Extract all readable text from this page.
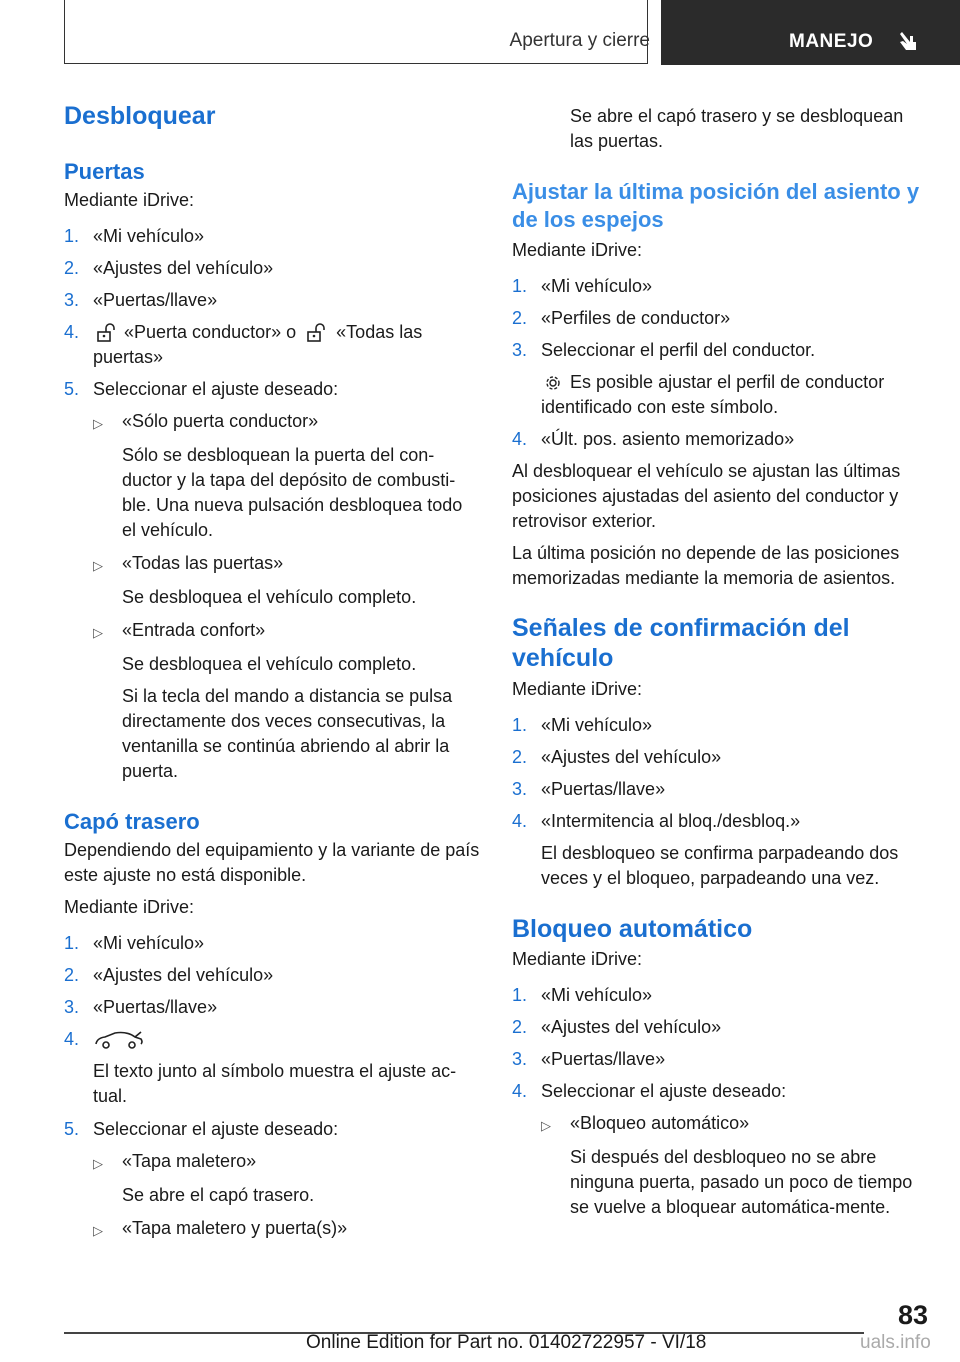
Apertura y cierre	MANEJO
Desbloquear
Puertas

Mediante iDrive:

1. «Mi vehículo»
2. «Ajustes del vehículo»
3. «Puertas/llave»
4.	«Puerta conductor» o «Todas las
puertas»
5. Seleccionar el ajuste deseado:
▷	«Sólo puerta conductor»

Sólo se desbloquean la puerta del con-ductor y la tapa del depósito de combusti-ble. Una nueva pulsación desbloquea todo el vehículo.

▷	«Todas las puertas»

Se desbloquea el vehículo completo.

▷	«Entrada confort»

Se desbloquea el vehículo completo.

Si la tecla del mando a distancia se pulsa directamente dos veces consecutivas, la ventanilla se continúa abriendo al abrir la puerta.

Capó trasero

Dependiendo del equipamiento y la variante de país este ajuste no está disponible.

Mediante iDrive:

1. «Mi vehículo»
2. «Ajustes del vehículo»
3. «Puertas/llave»
4.

El texto junto al símbolo muestra el ajuste ac-tual.

5. Seleccionar el ajuste deseado:
▷	«Tapa maletero»

Se abre el capó trasero.

▷	«Tapa maletero y puerta(s)»

Se abre el capó trasero y se desbloquean las puertas.

Ajustar la última posición del asiento y de los espejos

Mediante iDrive:

1. «Mi vehículo»
2. «Perfiles de conductor»
3. Seleccionar el perfil del conductor.

Es posible ajustar el perfil de conductor identificado con este símbolo.

4. «Últ. pos. asiento memorizado»

Al desbloquear el vehículo se ajustan las últimas posiciones ajustadas del asiento del conductor y retrovisor exterior.

La última posición no depende de las posiciones memorizadas mediante la memoria de asientos.

Señales de confirmación del vehículo

Mediante iDrive:

1. «Mi vehículo»
2. «Ajustes del vehículo»
3. «Puertas/llave»
4. «Intermitencia al bloq./desbloq.»

El desbloqueo se confirma parpadeando dos veces y el bloqueo, parpadeando una vez.

Bloqueo automático

Mediante iDrive:

1. «Mi vehículo»
2. «Ajustes del vehículo»
3. «Puertas/llave»
4. Seleccionar el ajuste deseado:
▷	«Bloqueo automático»

Si después del desbloqueo no se abre ninguna puerta, pasado un poco de tiempo se vuelve a bloquear automática-mente.

83
Online Edition for Part no. 01402722957 - VI/18	uals.info
